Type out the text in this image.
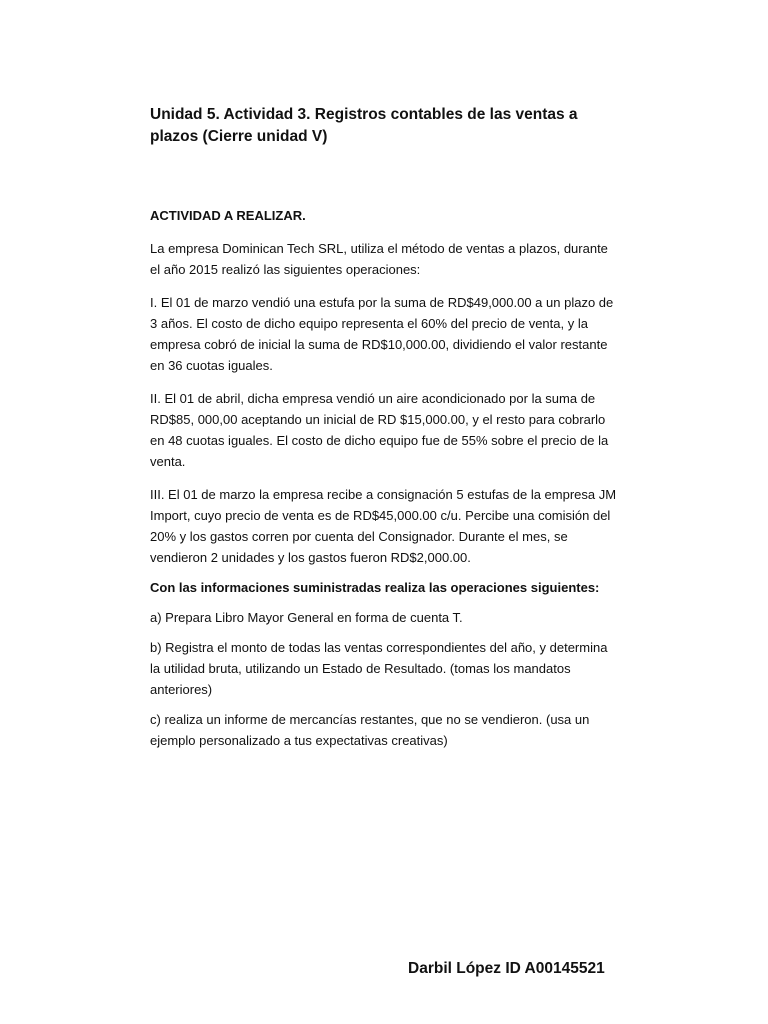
Unidad 5. Actividad 3. Registros contables de las ventas a plazos (Cierre unidad V)

ACTIVIDAD A REALIZAR.

La empresa Dominican Tech SRL, utiliza el método de ventas a plazos, durante el año 2015 realizó las siguientes operaciones:

I. El 01 de marzo vendió una estufa por la suma de RD$49,000.00 a un plazo de 3 años. El costo de dicho equipo representa el 60% del precio de venta, y la empresa cobró de inicial la suma de RD$10,000.00, dividiendo el valor restante en 36 cuotas iguales.

II. El 01 de abril, dicha empresa vendió un aire acondicionado por la suma de RD$85, 000,00 aceptando un inicial de RD $15,000.00, y el resto para cobrarlo en 48 cuotas iguales. El costo de dicho equipo fue de 55% sobre el precio de la venta.

III. El 01 de marzo la empresa recibe a consignación 5 estufas de la empresa JM Import, cuyo precio de venta es de RD$45,000.00 c/u. Percibe una comisión del 20% y los gastos corren por cuenta del Consignador. Durante el mes, se vendieron 2 unidades y los gastos fueron RD$2,000.00.

Con las informaciones suministradas realiza las operaciones siguientes:

a) Prepara Libro Mayor General en forma de cuenta T.

b) Registra el monto de todas las ventas correspondientes del año, y determina la utilidad bruta, utilizando un Estado de Resultado. (tomas los mandatos anteriores)

c) realiza un informe de mercancías restantes, que no se vendieron. (usa un ejemplo personalizado a tus expectativas creativas)

Darbil López ID A00145521
